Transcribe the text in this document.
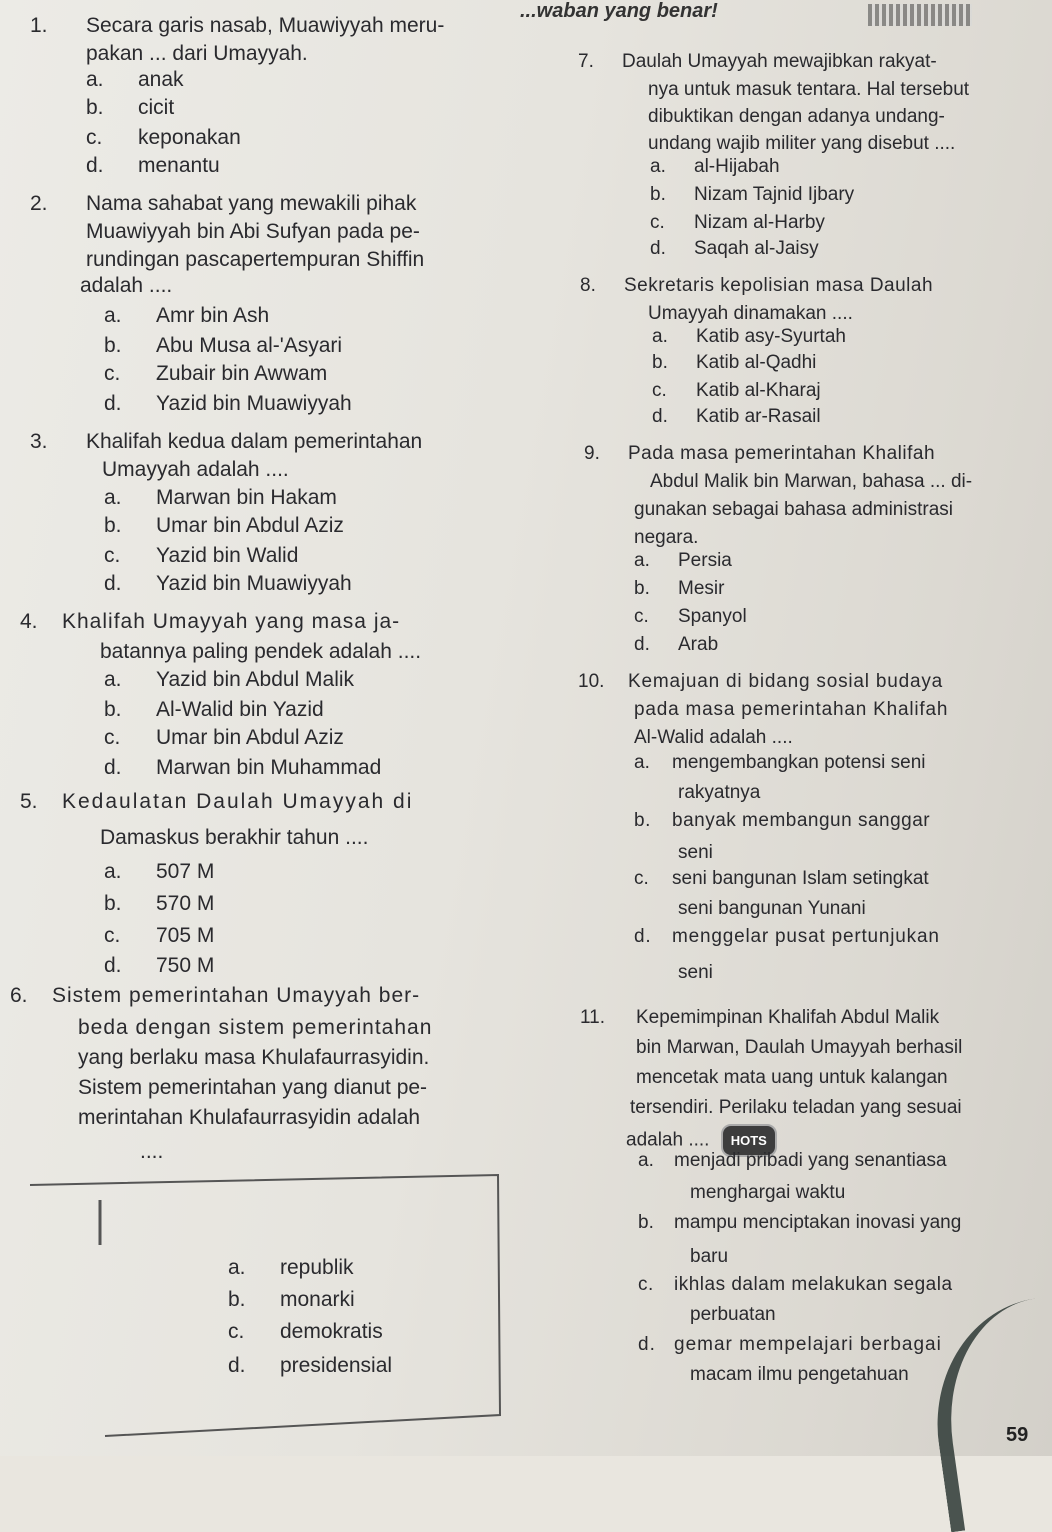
...waban yang benar!
1. Secara garis nasab, Muawiyyah meru-
pakan ... dari Umayyah.
a. anak
b. cicit
c. keponakan
d. menantu
2. Nama sahabat yang mewakili pihak
Muawiyyah bin Abi Sufyan pada pe-
rundingan pascapertempuran Shiffin
adalah ....
a. Amr bin Ash
b. Abu Musa al-'Asyari
c. Zubair bin Awwam
d. Yazid bin Muawiyyah
3. Khalifah kedua dalam pemerintahan
Umayyah adalah ....
a. Marwan bin Hakam
b. Umar bin Abdul Aziz
c. Yazid bin Walid
d. Yazid bin Muawiyyah
4. Khalifah Umayyah yang masa ja-
batannya paling pendek adalah ....
a. Yazid bin Abdul Malik
b. Al-Walid bin Yazid
c. Umar bin Abdul Aziz
d. Marwan bin Muhammad
5. Kedaulatan Daulah Umayyah di
Damaskus berakhir tahun ....
a. 507 M
b. 570 M
c. 705 M
d. 750 M
6. Sistem pemerintahan Umayyah ber-
beda dengan sistem pemerintahan
yang berlaku masa Khulafaurrasyidin.
Sistem pemerintahan yang dianut pe-
merintahan Khulafaurrasyidin adalah
....
a. republik
b. monarki
c. demokratis
d. presidensial
7. Daulah Umayyah mewajibkan rakyat-
nya untuk masuk tentara. Hal tersebut
dibuktikan dengan adanya undang-
undang wajib militer yang disebut ....
a. al-Hijabah
b. Nizam Tajnid Ijbary
c. Nizam al-Harby
d. Saqah al-Jaisy
8. Sekretaris kepolisian masa Daulah
Umayyah dinamakan ....
a. Katib asy-Syurtah
b. Katib al-Qadhi
c. Katib al-Kharaj
d. Katib ar-Rasail
9. Pada masa pemerintahan Khalifah
Abdul Malik bin Marwan, bahasa ... di-
gunakan sebagai bahasa administrasi
negara.
a. Persia
b. Mesir
c. Spanyol
d. Arab
10. Kemajuan di bidang sosial budaya
pada masa pemerintahan Khalifah
Al-Walid adalah ....
a. mengembangkan potensi seni
rakyatnya
b. banyak membangun sanggar
seni
c. seni bangunan Islam setingkat
seni bangunan Yunani
d. menggelar pusat pertunjukan
seni
11. Kepemimpinan Khalifah Abdul Malik
bin Marwan, Daulah Umayyah berhasil
mencetak mata uang untuk kalangan
tersendiri. Perilaku teladan yang sesuai
adalah .... HOTS
a. menjadi pribadi yang senantiasa
menghargai waktu
b. mampu menciptakan inovasi yang
baru
c. ikhlas dalam melakukan segala
perbuatan
d. gemar mempelajari berbagai
macam ilmu pengetahuan
59
